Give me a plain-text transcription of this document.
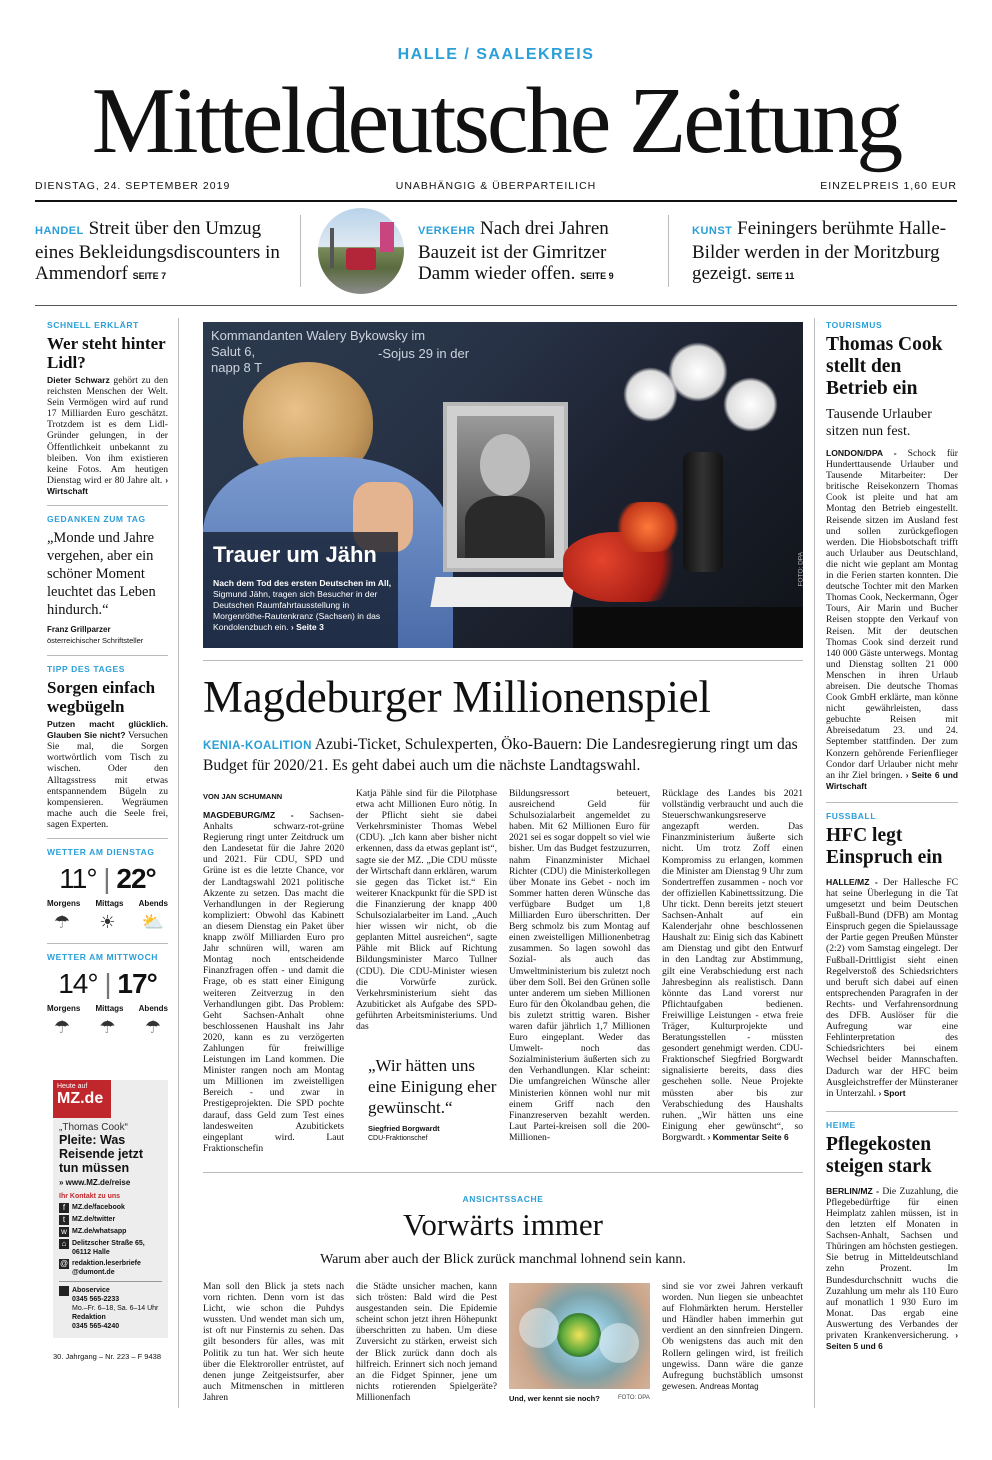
HALLE / SAALEKREIS
Mitteldeutsche Zeitung
DIENSTAG, 24. SEPTEMBER 2019	UNABHÄNGIG & ÜBERPARTEILICH	EINZELPREIS 1,60 EUR
HANDEL Streit über den Umzug eines Bekleidungsdiscounters in Ammendorf SEITE 7
VERKEHR Nach drei Jahren Bauzeit ist der Gimritzer Damm wieder offen. SEITE 9
KUNST Feiningers berühmte Halle-Bilder werden in der Moritzburg gezeigt. SEITE 11
SCHNELL ERKLÄRT
Wer steht hinter Lidl?
Dieter Schwarz gehört zu den reichsten Menschen der Welt. Sein Vermögen wird auf rund 17 Milliarden Euro geschätzt. Trotzdem ist es dem Lidl-Gründer gelungen, in der Öffentlichkeit unbekannt zu bleiben. Von ihm existieren keine Fotos. Am heutigen Dienstag wird er 80 Jahre alt. › Wirtschaft
GEDANKEN ZUM TAG
„Monde und Jahre vergehen, aber ein schöner Moment leuchtet das Leben hindurch.“
Franz Grillparzer
österreichischer Schriftsteller
TIPP DES TAGES
Sorgen einfach wegbügeln
Putzen macht glücklich. Glauben Sie nicht? Versuchen Sie mal, die Sorgen wortwörtlich vom Tisch zu wischen. Oder den Alltagsstress mit etwas entspannendem Bügeln zu kompensieren. Wegräumen mache auch die Seele frei, sagen Experten.
WETTER AM DIENSTAG
11° | 22°
Morgens Mittags Abends
☂	☀	⛅
WETTER AM MITTWOCH
14° | 17°
Morgens Mittags Abends
☂	☂	☂
Heute auf
MZ.de
„Thomas Cook“
Pleite: Was Reisende jetzt tun müssen
» www.MZ.de/reise
Ihr Kontakt zu uns
f MZ.de/facebook
t MZ.de/twitter
w MZ.de/whatsapp
⌂ Delitzscher Straße 65, 06112 Halle
@ redaktion.leserbriefe @dumont.de
Aboservice
0345 565-2233
Mo.–Fr. 6–18, Sa. 6–14 Uhr
Redaktion
0345 565-4240
30. Jahrgang – Nr. 223 – F 9438
Kommandanten Walery Bykowsky im
Salut 6,
napp 8 T
-Sojus 29 in der
Trauer um Jähn
Nach dem Tod des ersten Deutschen im All, Sigmund Jähn, tragen sich Besucher in der Deutschen Raumfahrtausstellung in Morgenröthe-Rautenkranz (Sachsen) in das Kondolenzbuch ein. › Seite 3
FOTO: DPA
Magdeburger Millionenspiel
KENIA-KOALITION Azubi-Ticket, Schulexperten, Öko-Bauern: Die Landesregierung ringt um das Budget für 2020/21. Es geht dabei auch um die nächste Landtagswahl.
VON JAN SCHUMANN
MAGDEBURG/MZ - Sachsen-Anhalts schwarz-rot-grüne Regierung ringt unter Zeitdruck um den Landesetat für die Jahre 2020 und 2021. Für CDU, SPD und Grüne ist es die letzte Chance, vor der Landtagswahl 2021 politische Akzente zu setzen. Das macht die Verhandlungen in der Regierung kompliziert: Obwohl das Kabinett an diesem Dienstag ein Paket über knapp zwölf Milliarden Euro pro Jahr schnüren will, waren am Montag noch entscheidende Finanzfragen offen - und damit die Frage, ob es statt einer Einigung weiteren Zeitverzug in den Verhandlungen gibt. Das Problem: Geht Sachsen-Anhalt ohne beschlossenen Haushalt ins Jahr 2020, kann es zu verzögerten Zahlungen für freiwillige Leistungen im Land kommen. Die Minister rangen noch am Montag um Millionen im zweistelligen Bereich - und zwar in Prestigeprojekten. Die SPD pochte darauf, dass Geld zum Test eines landesweiten Azubitickets eingeplant wird. Laut Fraktionschefin
Katja Pähle sind für die Pilotphase etwa acht Millionen Euro nötig. In der Pflicht sieht sie dabei Verkehrsminister Thomas Webel (CDU). „Ich kann aber bisher nicht erkennen, dass da etwas geplant ist“, sagte sie der MZ. „Die CDU müsste der Wirtschaft dann erklären, warum sie gegen das Ticket ist.“ Ein weiterer Knackpunkt für die SPD ist die Finanzierung der knapp 400 Schulsozialarbeiter im Land. „Auch hier wissen wir nicht, ob die geplanten Mittel ausreichen“, sagte Pähle mit Blick auf Richtung Bildungsminister Marco Tullner (CDU). Die CDU-Minister wiesen die Vorwürfe zurück. Verkehrsministerium sieht das Azubiticket als Aufgabe des SPD-geführten Arbeitsministeriums. Und das
„Wir hätten uns eine Einigung eher gewünscht.“
Siegfried Borgwardt
CDU-Fraktionschef
Bildungsressort beteuert, ausreichend Geld für Schulsozialarbeit angemeldet zu haben. Mit 62 Millionen Euro für 2021 sei es sogar doppelt so viel wie bisher. Um das Budget festzuzurren, nahm Finanzminister Michael Richter (CDU) die Ministerkollegen über Monate ins Gebet - noch im Sommer hatten deren Wünsche das verfügbare Budget um 1,8 Milliarden Euro überschritten. Der Berg schmolz bis zum Montag auf einen zweistelligen Millionenbetrag zusammen. So lagen sowohl das Sozial- als auch das Umweltministerium bis zuletzt noch über dem Soll. Bei den Grünen solle unter anderem um sieben Millionen Euro für den Ökolandbau gehen, die bis zuletzt strittig waren. Bisher waren dafür jährlich 1,7 Millionen Euro eingeplant. Weder das Umwelt- noch das Sozialministerium äußerten sich zu den Verhandlungen. Klar scheint: Die umfangreichen Wünsche aller Ministerien können wohl nur mit einem Griff nach den Finanzreserven bezahlt werden. Laut Partei-kreisen soll die 200-Millionen-
Rücklage des Landes bis 2021 vollständig verbraucht und auch die Steuerschwankungsreserve angezapft werden. Das Finanzministerium äußerte sich nicht. Um trotz Zoff einen Kompromiss zu erlangen, kommen die Minister am Dienstag 9 Uhr zum Sondertreffen zusammen - noch vor der offiziellen Kabinettssitzung. Die Uhr tickt. Denn bereits jetzt steuert Sachsen-Anhalt auf ein Kalenderjahr ohne beschlossenen Haushalt zu: Einig sich das Kabinett am Dienstag und gibt den Entwurf in den Landtag zur Abstimmung, gilt eine Verabschiedung erst nach Jahresbeginn als realistisch. Dann könnte das Land vorerst nur Pflichtaufgaben bedienen. Freiwillige Leistungen - etwa freie Träger, Kulturprojekte und Beratungsstellen - müssten gesondert genehmigt werden. CDU-Fraktionschef Siegfried Borgwardt signalisierte bereits, dass dies geschehen solle. Neue Projekte müssten aber bis zur Verabschiedung des Haushalts ruhen. „Wir hätten uns eine Einigung eher gewünscht“, so Borgwardt. › Kommentar Seite 6
ANSICHTSSACHE
Vorwärts immer
Warum aber auch der Blick zurück manchmal lohnend sein kann.
Man soll den Blick ja stets nach vorn richten. Denn vorn ist das Licht, wie schon die Puhdys wussten. Und wendet man sich um, ist oft nur Finsternis zu sehen. Das gilt besonders für alles, was mit Politik zu tun hat. Wer sich heute über die Elektroroller entrüstet, auf denen junge Zeitgeistsurfer, aber auch Mitmenschen in mittleren Jahren
die Städte unsicher machen, kann sich trösten: Bald wird die Pest ausgestanden sein. Die Epidemie scheint schon jetzt ihren Höhepunkt überschritten zu haben. Um diese Zuversicht zu stärken, erweist sich der Blick zurück dann doch als hilfreich. Erinnert sich noch jemand an die Fidget Spinner, jene um nichts rotierenden Spielgeräte? Millionenfach	Und, wer kennt sie noch?	FOTO: DPA
sind sie vor zwei Jahren verkauft worden. Nun liegen sie unbeachtet auf Flohmärkten herum. Hersteller und Händler haben immerhin gut verdient an den sinnfreien Dingern. Ob wenigstens das auch mit den Rollern gelingen wird, ist freilich ungewiss. Dann wäre die ganze Aufregung buchstäblich umsonst gewesen. Andreas Montag
TOURISMUS
Thomas Cook stellt den Betrieb ein
Tausende Urlauber sitzen nun fest.
LONDON/DPA - Schock für Hunderttausende Urlauber und Tausende Mitarbeiter: Der britische Reisekonzern Thomas Cook ist pleite und hat am Montag den Betrieb eingestellt. Reisende sitzen im Ausland fest und sollen zurückgeflogen werden. Die Hiobsbotschaft trifft auch Urlauber aus Deutschland, die nicht wie geplant am Montag in die Ferien starten konnten. Die deutsche Tochter mit den Marken Thomas Cook, Neckermann, Öger Tours, Air Marin und Bucher Reisen stoppte den Verkauf von Reisen. Mit der deutschen Thomas Cook sind derzeit rund 140 000 Gäste unterwegs. Montag und Dienstag sollten 21 000 Menschen in ihren Urlaub abreisen. Die deutsche Thomas Cook GmbH erklärte, man könne nicht gewährleisten, dass gebuchte Reisen mit Abreisedatum 23. und 24. September stattfinden. Der zum Konzern gehörende Ferienflieger Condor darf Urlauber nicht mehr an ihr Ziel bringen. › Seite 6 und Wirtschaft
FUSSBALL
HFC legt Einspruch ein
HALLE/MZ - Der Hallesche FC hat seine Überlegung in die Tat umgesetzt und beim Deutschen Fußball-Bund (DFB) am Montag Einspruch gegen die Spielaussage der Partie gegen Preußen Münster (2:2) vom Samstag eingelegt. Der Fußball-Drittligist sieht einen Regelverstoß des Schiedsrichters und beruft sich dabei auf einen entsprechenden Paragrafen in der Rechts- und Verfahrensordnung des DFB. Auslöser für die Aufregung war eine Fehlinterpretation des Schiedsrichters bei einem Wechsel beider Mannschaften. Dadurch war der HFC beim Ausgleichstreffer der Münsteraner in Unterzahl. › Sport
HEIME
Pflegekosten steigen stark
BERLIN/MZ - Die Zuzahlung, die Pflegebedürftige für einen Heimplatz zahlen müssen, ist in den letzten elf Monaten in Sachsen-Anhalt, Sachsen und Thüringen am höchsten gestiegen. Sie betrug in Mitteldeutschland zehn Prozent. Im Bundesdurchschnitt wuchs die Zuzahlung um mehr als 110 Euro auf monatlich 1 930 Euro im Monat. Das ergab eine Auswertung des Verbandes der privaten Krankenversicherung. › Seiten 5 und 6
